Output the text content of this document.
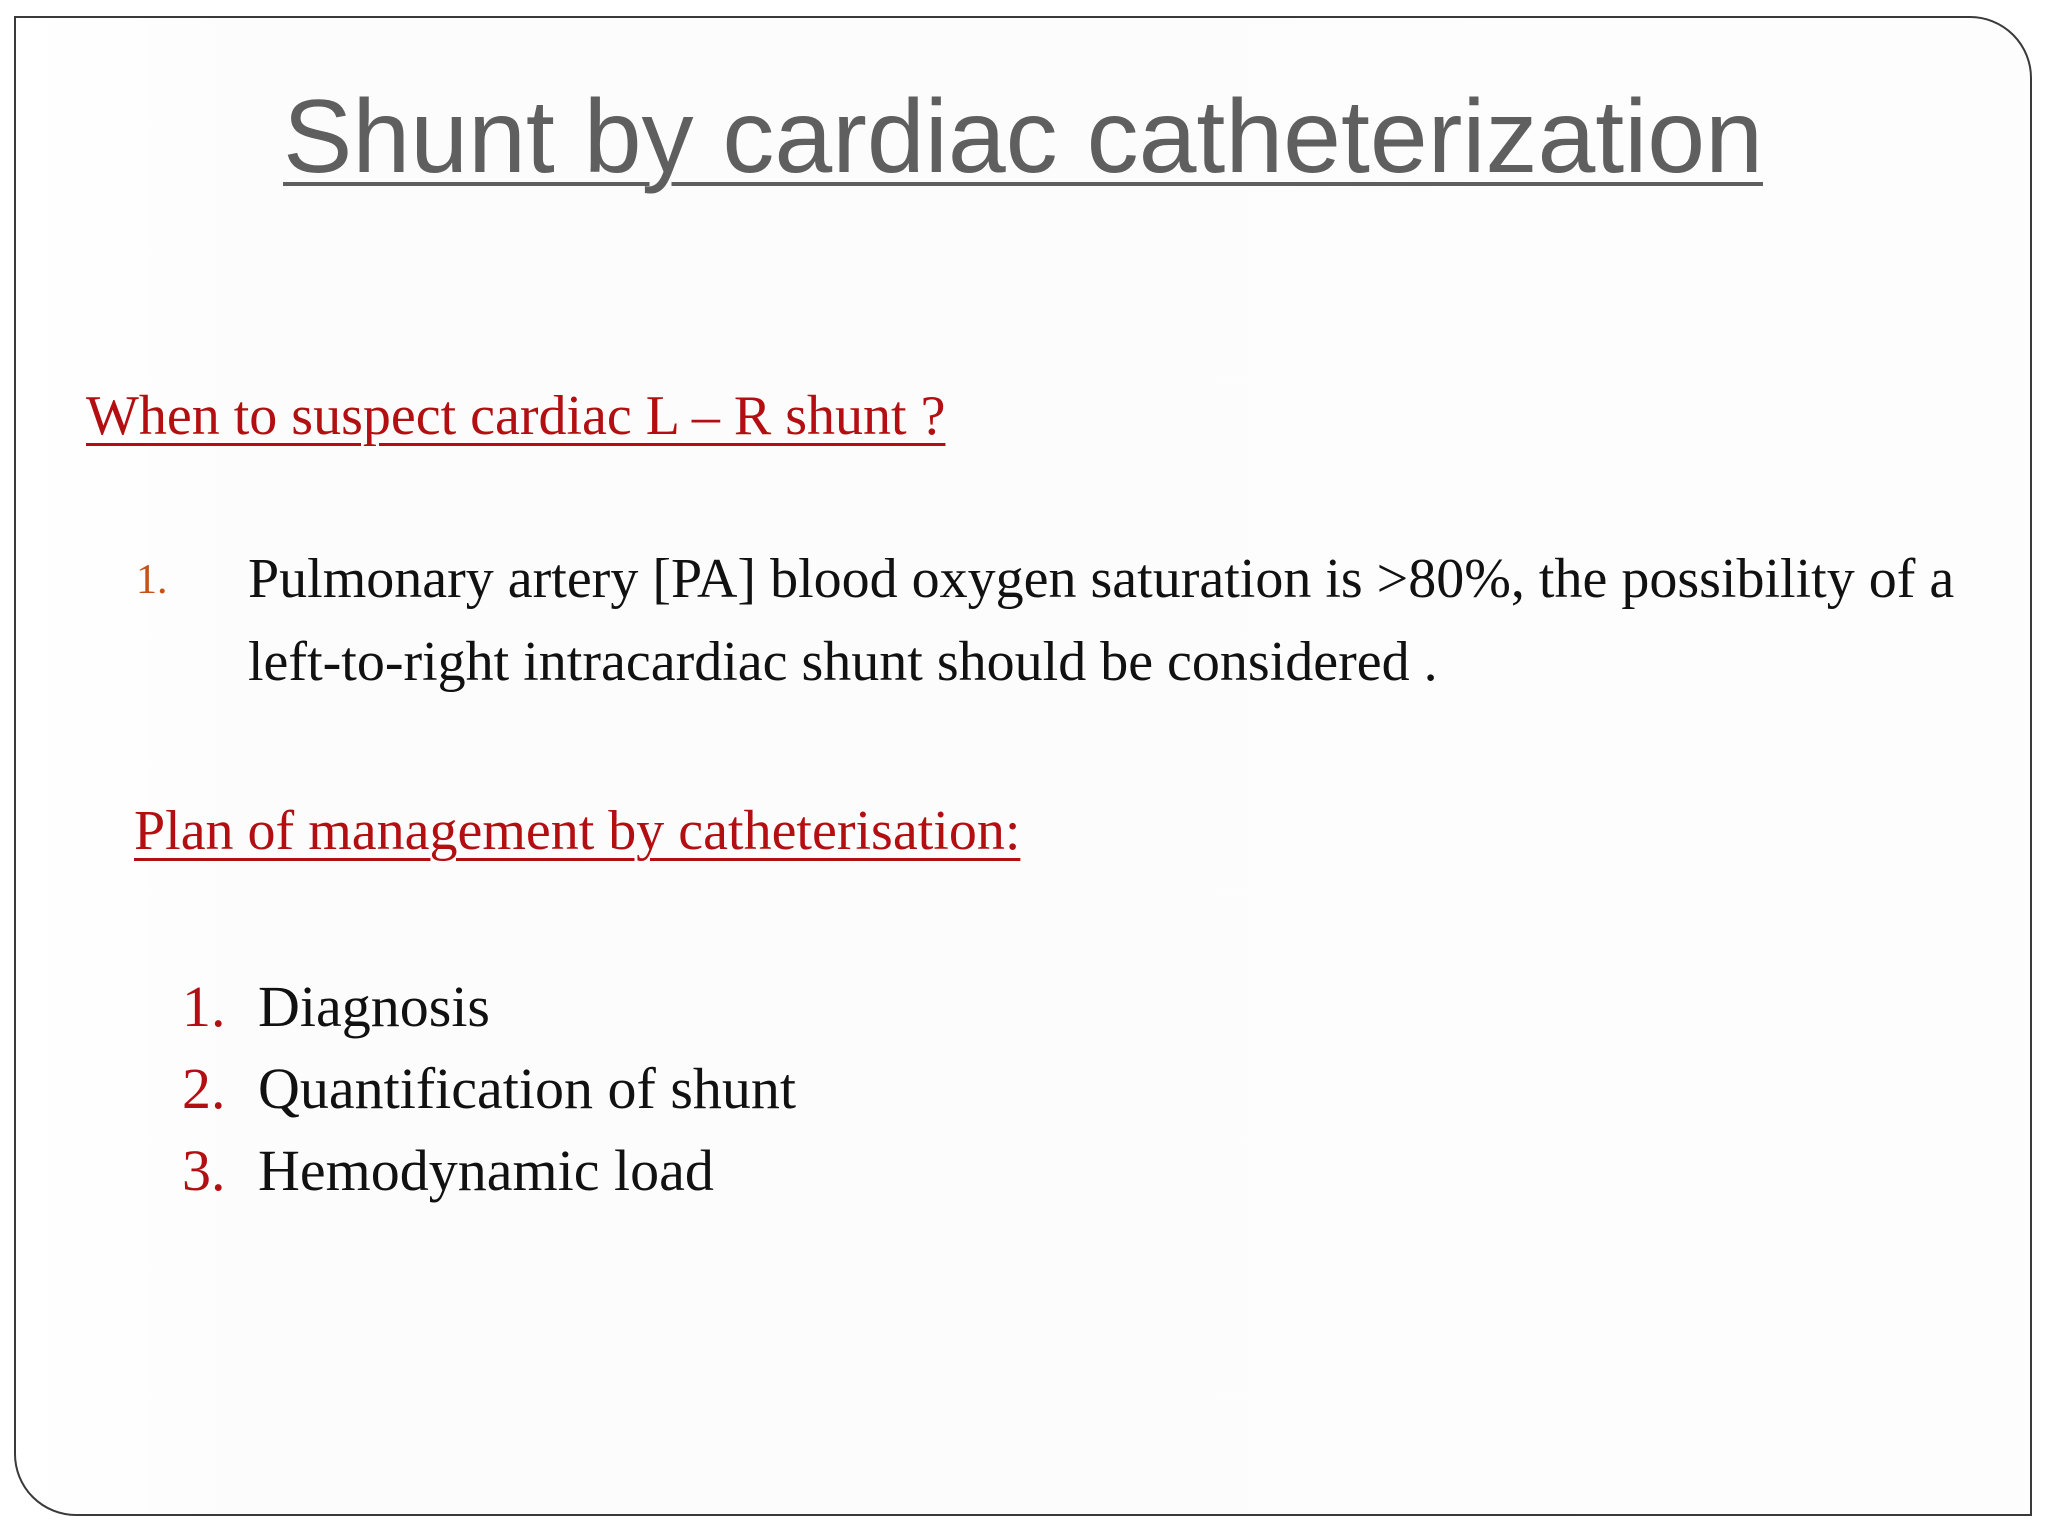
Shunt by cardiac catheterization
When to suspect cardiac L – R shunt ?
1. Pulmonary artery [PA] blood oxygen saturation is >80%, the possibility of a left-to-right intracardiac shunt should be considered .
Plan of management by catheterisation:
1. Diagnosis
2. Quantification of shunt
3. Hemodynamic load
